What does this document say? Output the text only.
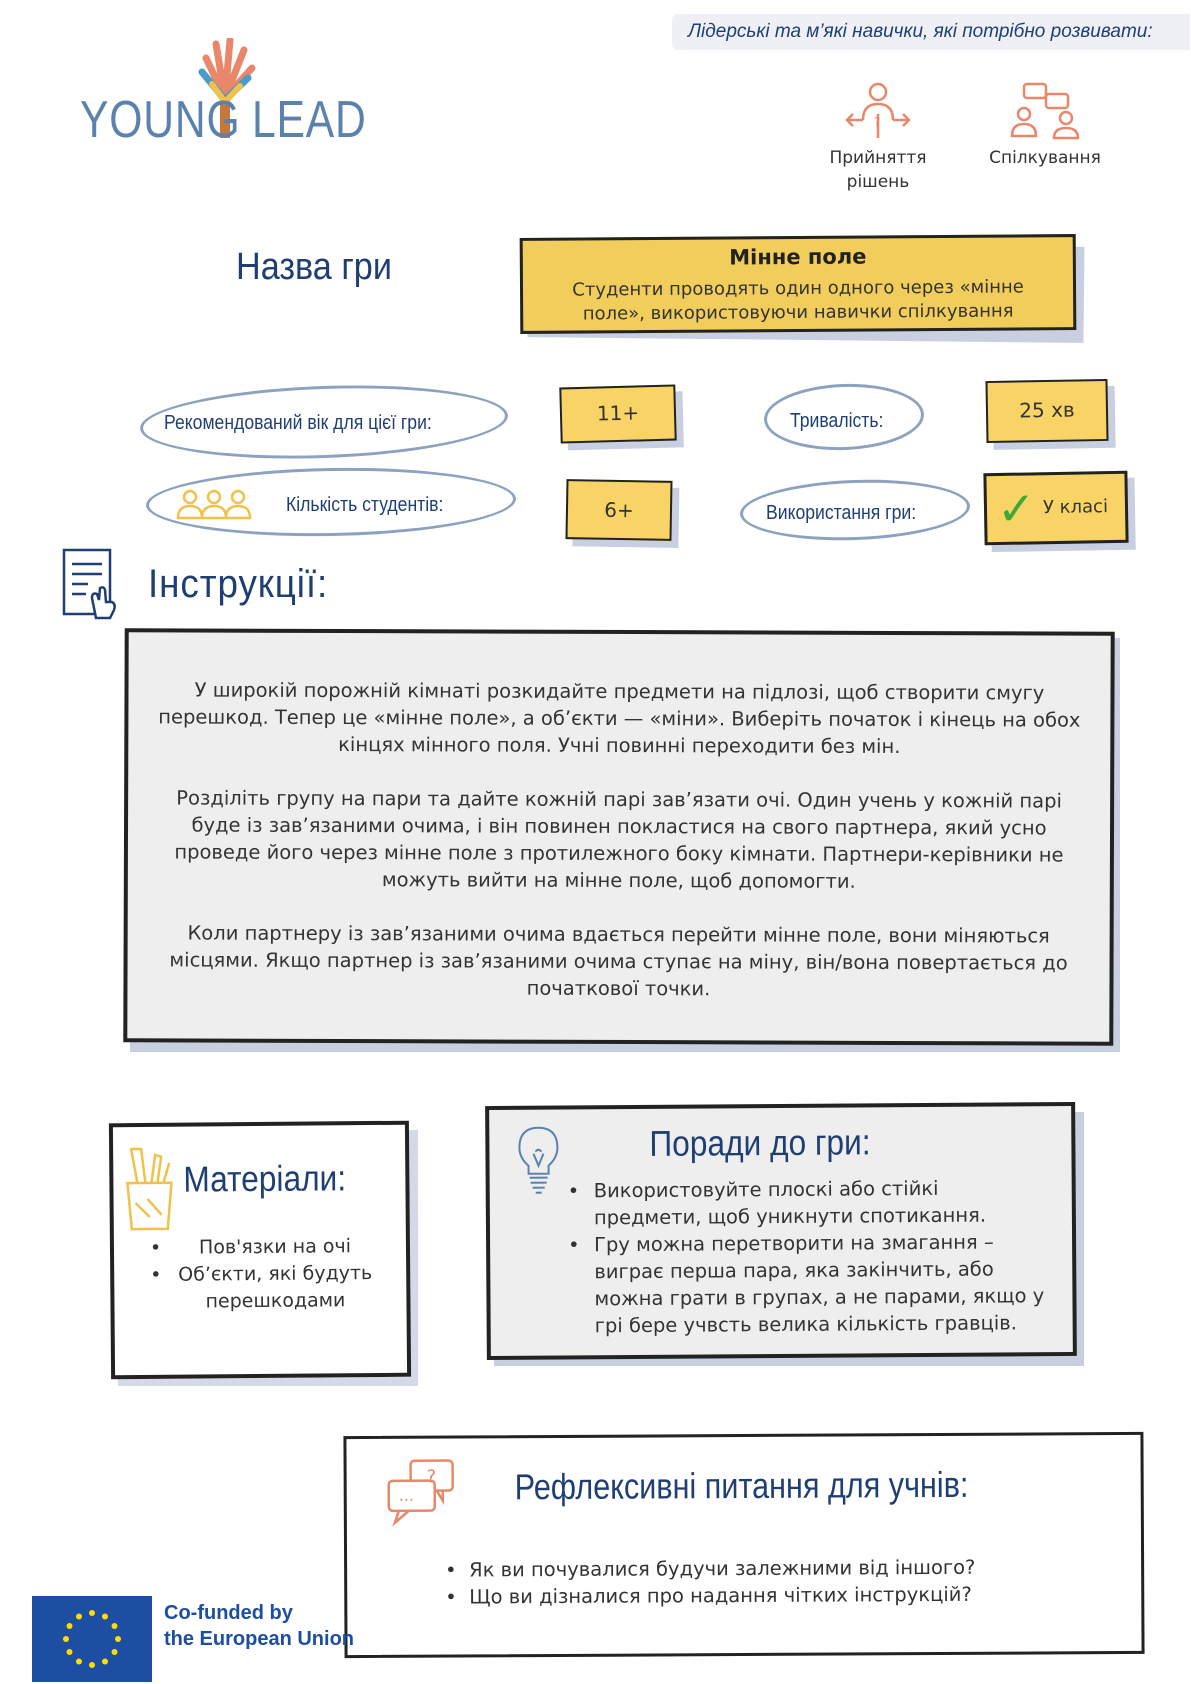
YOUNG LEAD
Лідерські та м’які навички, які потрібно розвивати:
?
Прийняття рішень
Спілкування
Назва гри	Мінне поле
Студенти проводять один одного через «мінне поле», використовуючи навички спілкування
Рекомендований вік для цієї гри:	11+	Тривалість:	25 хв
Кількість студентів:	6+	Використання гри: ✓ У класі
Інструкції:

У широкій порожній кімнаті розкидайте предмети на підлозі, щоб створити смугу перешкод. Тепер це «мінне поле», а об’єкти — «міни». Виберіть початок і кінець на обох кінцях мінного поля. Учні повинні переходити без мін.

Розділіть групу на пари та дайте кожній парі зав’язати очі. Один учень у кожній парі буде із зав’язаними очима, і він повинен покластися на свого партнера, який усно проведе його через мінне поле з протилежного боку кімнати. Партнери-керівники не можуть вийти на мінне поле, щоб допомогти.

Коли партнеру із зав’язаними очима вдається перейти мінне поле, вони міняються місцями. Якщо партнер із зав’язаними очима ступає на міну, він/вона повертається до початкової точки.

Матеріали:
• Пов'язки на очі
• Об’єкти, які будуть перешкодами
Поради до гри:
• Використовуйте плоскі або стійкі предмети, щоб уникнути спотикання.
• Гру можна перетворити на змагання – виграє перша пара, яка закінчить, або можна грати в групах, а не парами, якщо у грі бере учвсть велика кількість гравців.
?
...	Рефлексивні питання для учнів:
• Як ви почувалися будучи залежними від іншого?
• Що ви дізналися про надання чітких інструкцій?
Co-funded by
the European Union
